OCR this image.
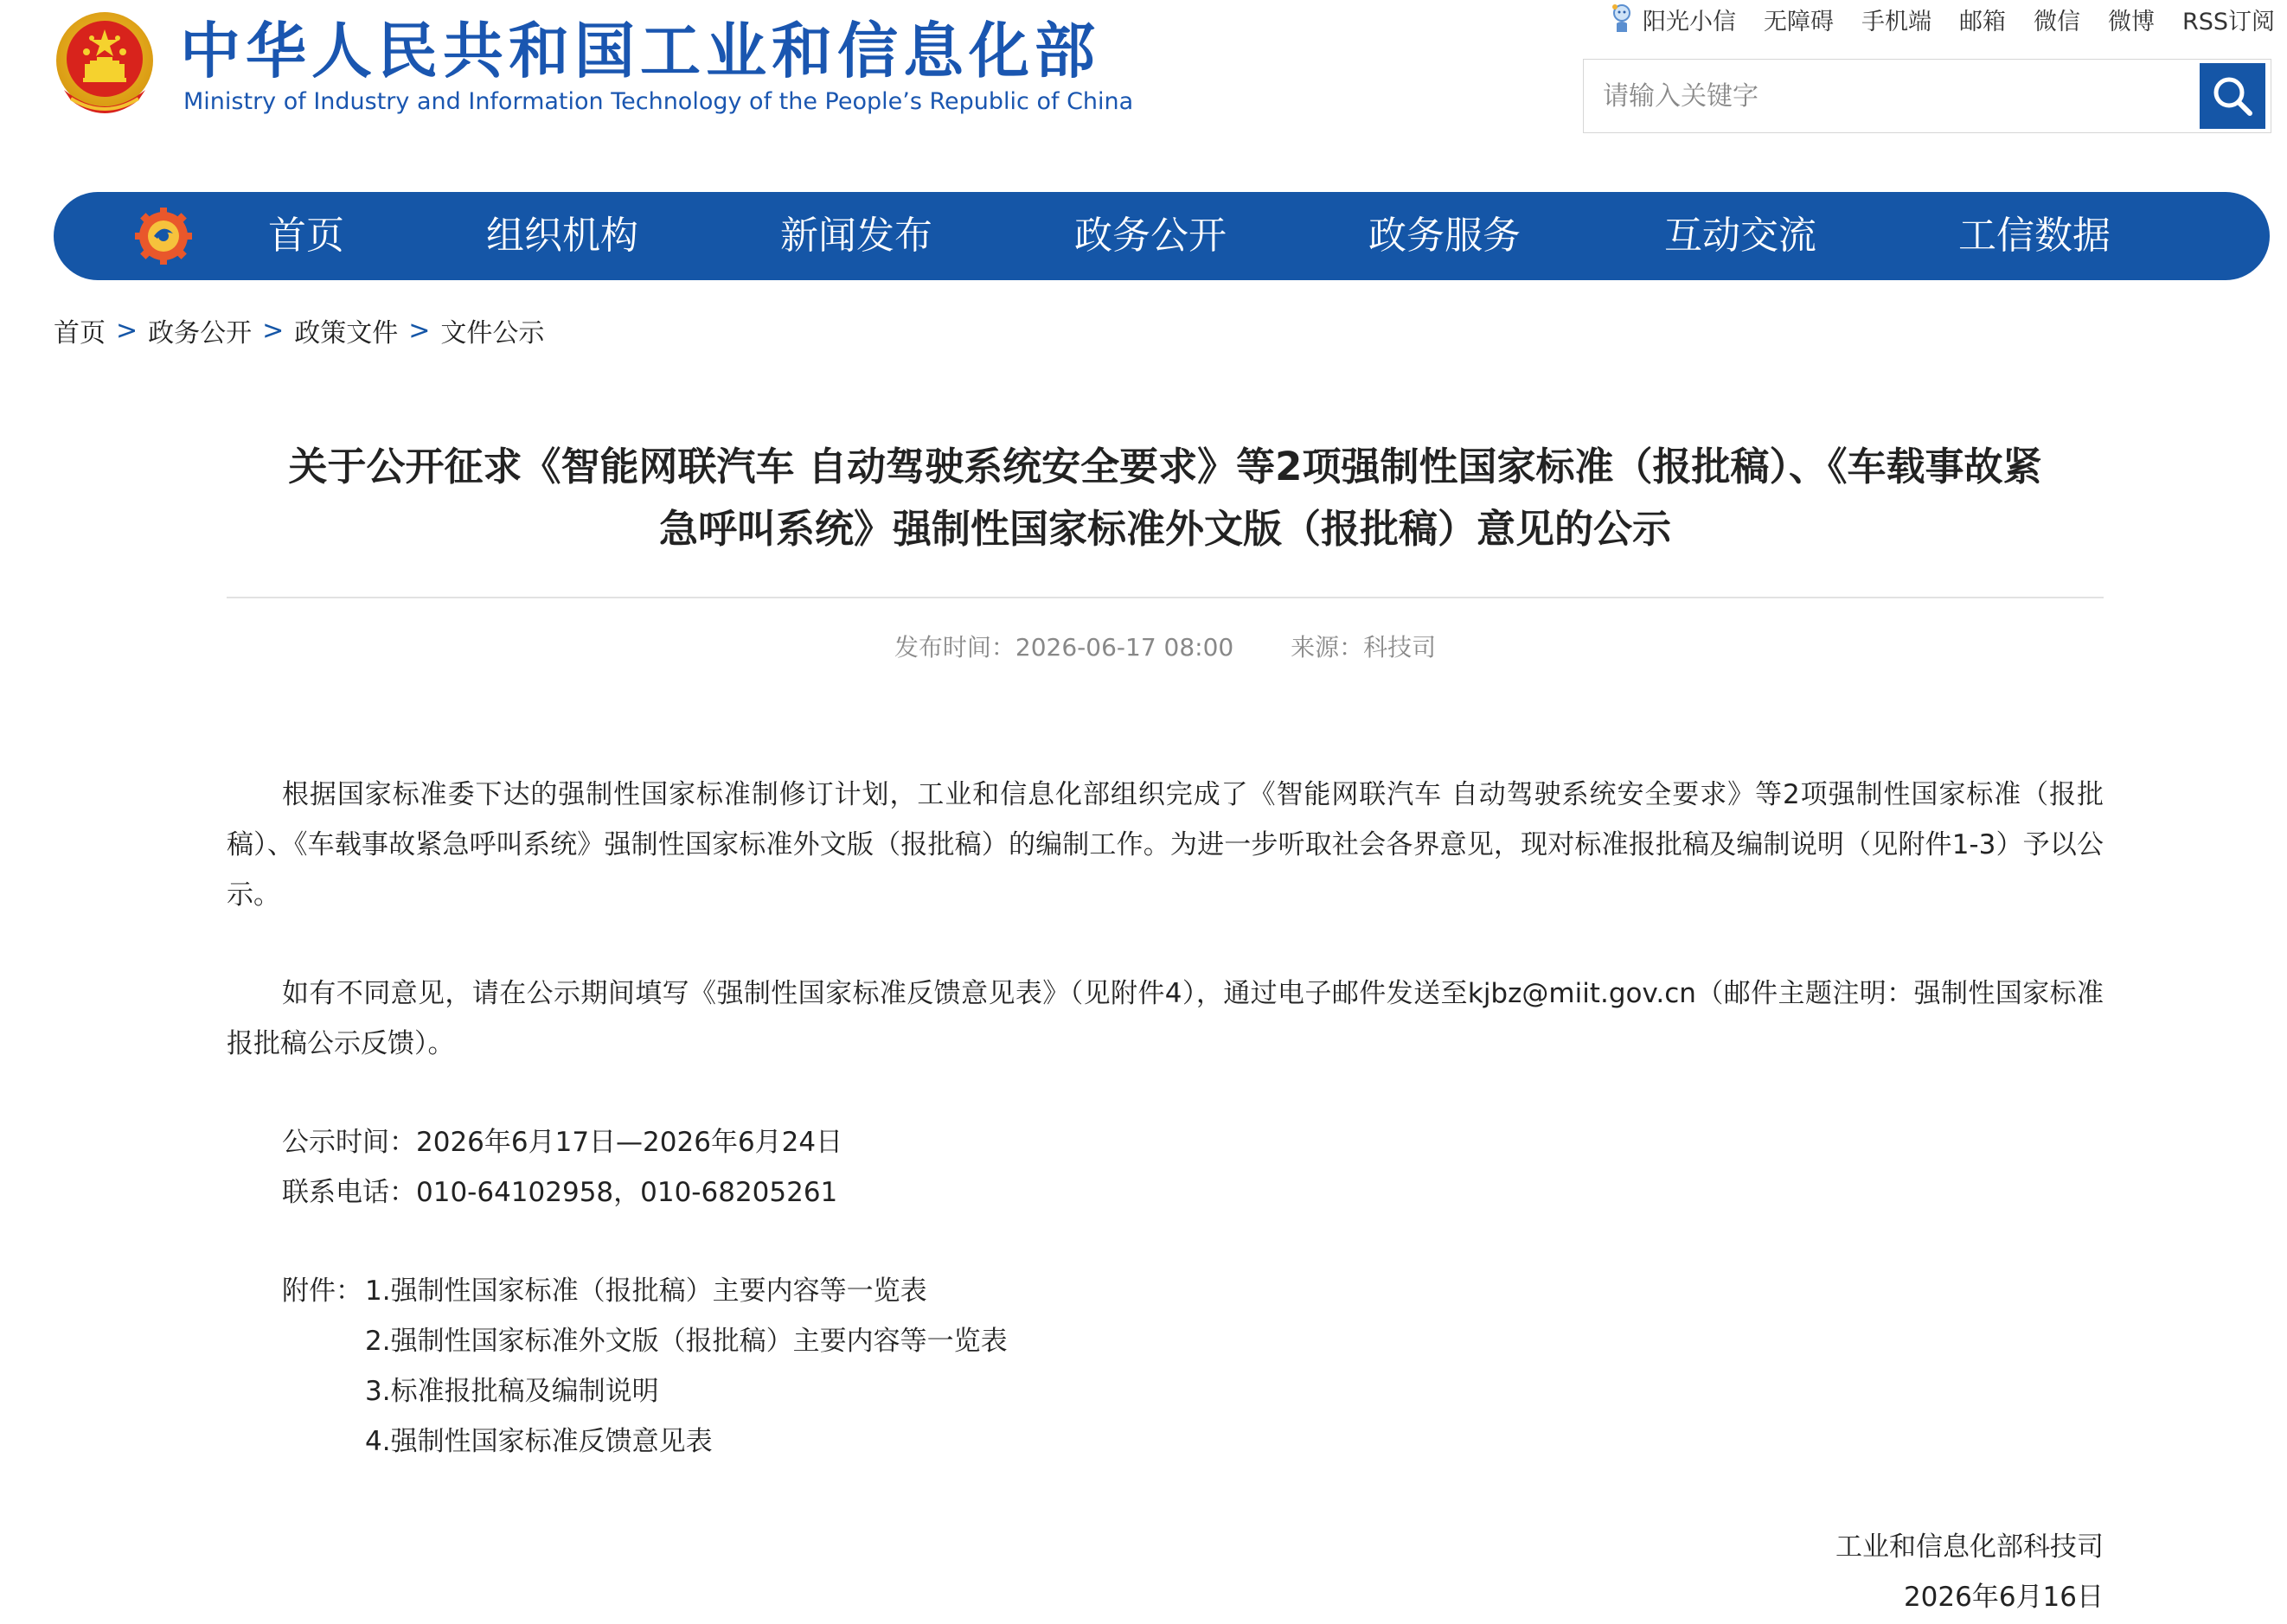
中华人民共和国工业和信息化部
Ministry of Industry and Information Technology of the People’s Republic of China
阳光小信 无障碍 手机端 邮箱 微信 微博 RSS订阅
请输入关键字
首页	组织机构	新闻发布	政务公开	政务服务	互动交流	工信数据
首页 > 政务公开 > 政策文件 > 文件公示
关于公开征求《智能网联汽车 自动驾驶系统安全要求》等2项强制性国家标准（报批稿）、《车载事故紧
急呼叫系统》强制性国家标准外文版（报批稿）意见的公示
发布时间：2026-06-17 08:00 来源：科技司

根据国家标准委下达的强制性国家标准制修订计划，工业和信息化部组织完成了《智能网联汽车 自动驾驶系统安全要求》等2项强制性国家标准（报批稿）、《车载事故紧急呼叫系统》强制性国家标准外文版（报批稿）的编制工作。为进一步听取社会各界意见，现对标准报批稿及编制说明（见附件1-3）予以公示。

如有不同意见，请在公示期间填写《强制性国家标准反馈意见表》（见附件4），通过电子邮件发送至kjbz@miit.gov.cn（邮件主题注明：强制性国家标准报批稿公示反馈）。

公示时间：2026年6月17日—2026年6月24日
联系电话：010-64102958，010-68205261
附件： 1.强制性国家标准（报批稿）主要内容等一览表
2.强制性国家标准外文版（报批稿）主要内容等一览表
3.标准报批稿及编制说明
4.强制性国家标准反馈意见表
工业和信息化部科技司
2026年6月16日
